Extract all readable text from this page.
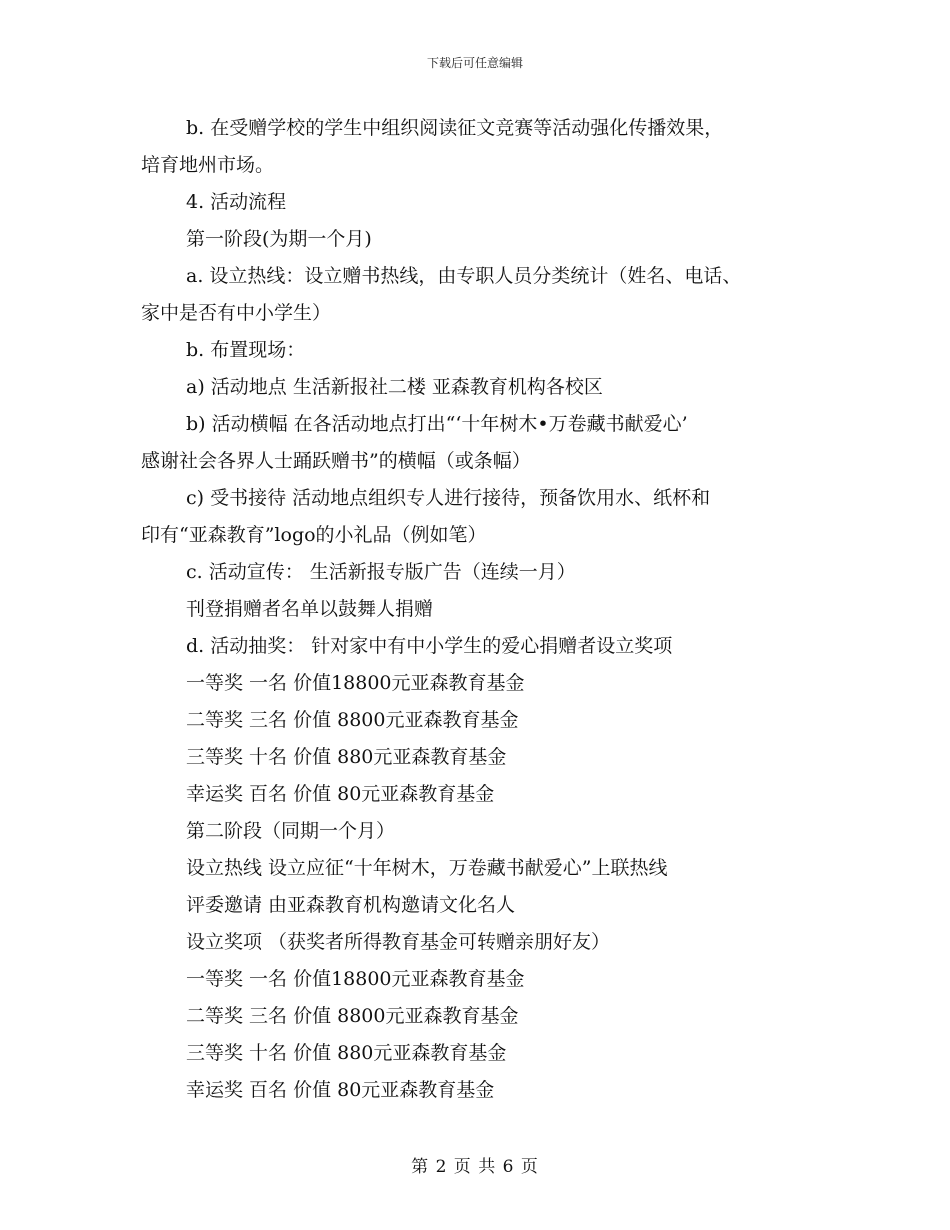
下载后可任意编辑
b. 在受赠学校的学生中组织阅读征文竞赛等活动强化传播效果，
培育地州市场。
4. 活动流程
第一阶段(为期一个月)
a. 设立热线：设立赠书热线，由专职人员分类统计（姓名、电话、
家中是否有中小学生）
b. 布置现场：
a) 活动地点 生活新报社二楼 亚森教育机构各校区
b) 活动横幅 在各活动地点打出“‘十年树木•万卷藏书献爱心’
感谢社会各界人士踊跃赠书”的横幅（或条幅）
c) 受书接待 活动地点组织专人进行接待，预备饮用水、纸杯和
印有“亚森教育”logo的小礼品（例如笔）
c. 活动宣传： 生活新报专版广告（连续一月）
刊登捐赠者名单以鼓舞人捐赠
d. 活动抽奖： 针对家中有中小学生的爱心捐赠者设立奖项
一等奖 一名 价值18800元亚森教育基金
二等奖 三名 价值 8800元亚森教育基金
三等奖 十名 价值 880元亚森教育基金
幸运奖 百名 价值 80元亚森教育基金
第二阶段（同期一个月）
设立热线 设立应征“十年树木，万卷藏书献爱心”上联热线
评委邀请 由亚森教育机构邀请文化名人
设立奖项 （获奖者所得教育基金可转赠亲朋好友）
一等奖 一名 价值18800元亚森教育基金
二等奖 三名 价值 8800元亚森教育基金
三等奖 十名 价值 880元亚森教育基金
幸运奖 百名 价值 80元亚森教育基金
第 2 页 共 6 页
